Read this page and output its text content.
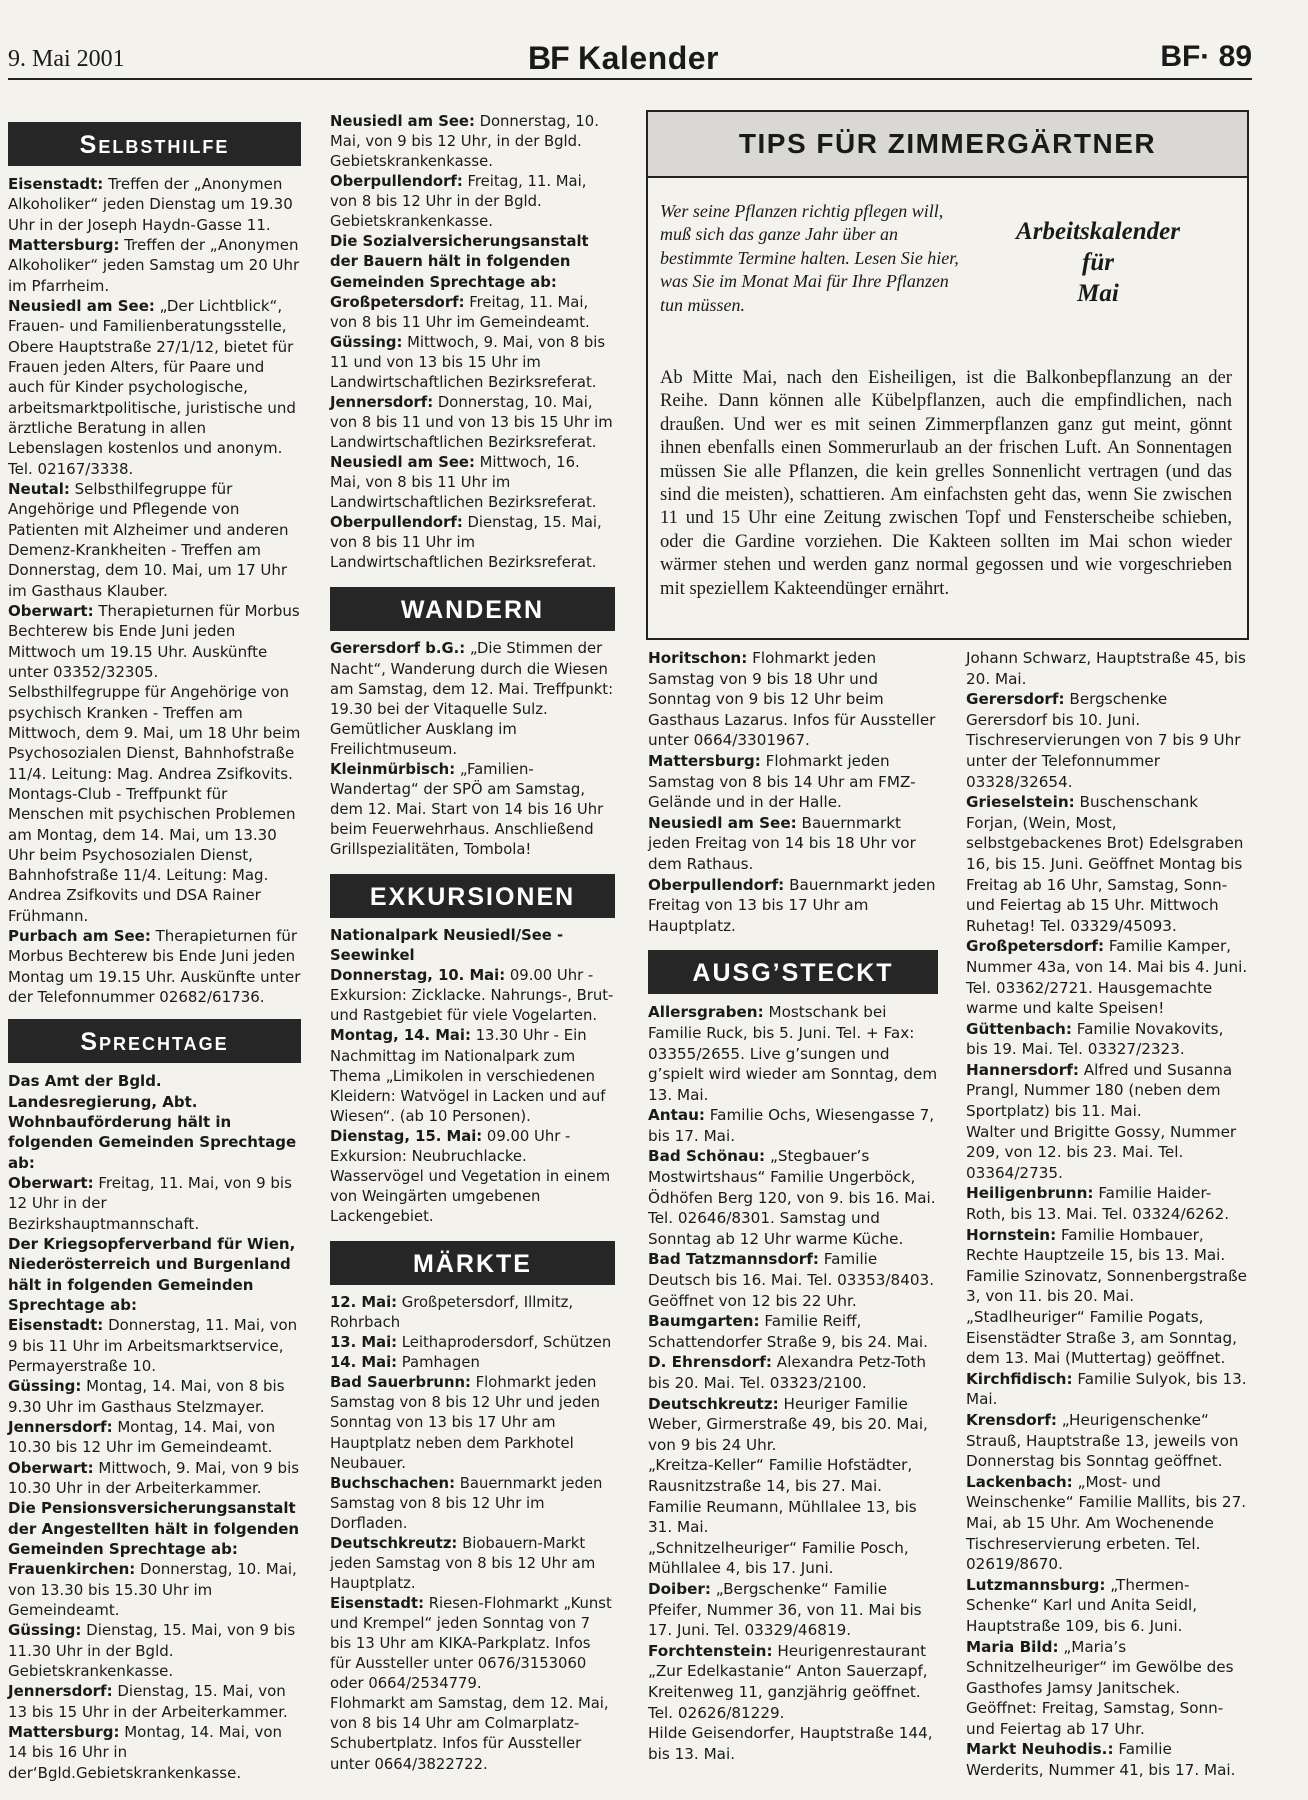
9. Mai 2001	BF Kalender	BF· 89
Selbsthilfe

Eisenstadt: Treffen der „Anonymen Alkoholiker“ jeden Dienstag um 19.30 Uhr in der Joseph Haydn-Gasse 11.

Mattersburg: Treffen der „Anonymen Alkoholiker“ jeden Samstag um 20 Uhr im Pfarrheim.

Neusiedl am See: „Der Lichtblick“, Frauen- und Familienberatungsstelle, Obere Hauptstraße 27/1/12, bietet für Frauen jeden Alters, für Paare und auch für Kinder psychologische, arbeitsmarktpolitische, juristische und ärztliche Beratung in allen Lebenslagen kostenlos und anonym. Tel. 02167/3338.

Neutal: Selbsthilfegruppe für Angehörige und Pflegende von Patienten mit Alzheimer und anderen Demenz-Krankheiten - Treffen am Donnerstag, dem 10. Mai, um 17 Uhr im Gasthaus Klauber.

Oberwart: Therapieturnen für Morbus Bechterew bis Ende Juni jeden Mittwoch um 19.15 Uhr. Auskünfte unter 03352/32305.

Selbsthilfegruppe für Angehörige von psychisch Kranken - Treffen am Mittwoch, dem 9. Mai, um 18 Uhr beim Psychosozialen Dienst, Bahnhofstraße 11/4. Leitung: Mag. Andrea Zsifkovits.

Montags-Club - Treffpunkt für Menschen mit psychischen Problemen am Montag, dem 14. Mai, um 13.30 Uhr beim Psychosozialen Dienst, Bahnhofstraße 11/4. Leitung: Mag. Andrea Zsifkovits und DSA Rainer Frühmann.

Purbach am See: Therapieturnen für Morbus Bechterew bis Ende Juni jeden Montag um 19.15 Uhr. Auskünfte unter der Telefonnummer 02682/61736.

Sprechtage

Das Amt der Bgld. Landesregierung, Abt. Wohnbauförderung hält in folgenden Gemeinden Sprechtage ab:

Oberwart: Freitag, 11. Mai, von 9 bis 12 Uhr in der Bezirkshauptmannschaft.

Der Kriegsopferverband für Wien, Niederösterreich und Burgenland hält in folgenden Gemeinden Sprechtage ab:

Eisenstadt: Donnerstag, 11. Mai, von 9 bis 11 Uhr im Arbeitsmarktservice, Permayerstraße 10.

Güssing: Montag, 14. Mai, von 8 bis 9.30 Uhr im Gasthaus Stelzmayer.

Jennersdorf: Montag, 14. Mai, von 10.30 bis 12 Uhr im Gemeindeamt.

Oberwart: Mittwoch, 9. Mai, von 9 bis 10.30 Uhr in der Arbeiterkammer.

Die Pensionsversicherungsanstalt der Angestellten hält in folgenden Gemeinden Sprechtage ab:

Frauenkirchen: Donnerstag, 10. Mai, von 13.30 bis 15.30 Uhr im Gemeindeamt.

Güssing: Dienstag, 15. Mai, von 9 bis 11.30 Uhr in der Bgld. Gebietskrankenkasse.

Jennersdorf: Dienstag, 15. Mai, von 13 bis 15 Uhr in der Arbeiterkammer.

Mattersburg: Montag, 14. Mai, von 14 bis 16 Uhr in der‘Bgld.Gebietskrankenkasse.

Neusiedl am See: Donnerstag, 10. Mai, von 9 bis 12 Uhr, in der Bgld. Gebietskrankenkasse.

Oberpullendorf: Freitag, 11. Mai, von 8 bis 12 Uhr in der Bgld. Gebietskrankenkasse.

Die Sozialversicherungsanstalt der Bauern hält in folgenden Gemeinden Sprechtage ab:

Großpetersdorf: Freitag, 11. Mai, von 8 bis 11 Uhr im Gemeindeamt.

Güssing: Mittwoch, 9. Mai, von 8 bis 11 und von 13 bis 15 Uhr im Landwirtschaftlichen Bezirksreferat.

Jennersdorf: Donnerstag, 10. Mai, von 8 bis 11 und von 13 bis 15 Uhr im Landwirtschaftlichen Bezirksreferat.

Neusiedl am See: Mittwoch, 16. Mai, von 8 bis 11 Uhr im Landwirtschaftlichen Bezirksreferat.

Oberpullendorf: Dienstag, 15. Mai, von 8 bis 11 Uhr im Landwirtschaftlichen Bezirksreferat.

WANDERN

Gerersdorf b.G.: „Die Stimmen der Nacht“, Wanderung durch die Wiesen am Samstag, dem 12. Mai. Treffpunkt: 19.30 bei der Vitaquelle Sulz. Gemütlicher Ausklang im Freilichtmuseum.

Kleinmürbisch: „Familien-Wandertag“ der SPÖ am Samstag, dem 12. Mai. Start von 14 bis 16 Uhr beim Feuerwehrhaus. Anschließend Grillspezialitäten, Tombola!

EXKURSIONEN

Nationalpark Neusiedl/See - Seewinkel

Donnerstag, 10. Mai: 09.00 Uhr - Exkursion: Zicklacke. Nahrungs-, Brut- und Rastgebiet für viele Vogelarten.

Montag, 14. Mai: 13.30 Uhr - Ein Nachmittag im Nationalpark zum Thema „Limikolen in verschiedenen Kleidern: Watvögel in Lacken und auf Wiesen“. (ab 10 Personen).

Dienstag, 15. Mai: 09.00 Uhr - Exkursion: Neubruchlacke. Wasservögel und Vegetation in einem von Weingärten umgebenen Lackengebiet.

MÄRKTE

12. Mai: Großpetersdorf, Illmitz, Rohrbach

13. Mai: Leithaprodersdorf, Schützen

14. Mai: Pamhagen

Bad Sauerbrunn: Flohmarkt jeden Samstag von 8 bis 12 Uhr und jeden Sonntag von 13 bis 17 Uhr am Hauptplatz neben dem Parkhotel Neubauer.

Buchschachen: Bauernmarkt jeden Samstag von 8 bis 12 Uhr im Dorfladen.

Deutschkreutz: Biobauern-Markt jeden Samstag von 8 bis 12 Uhr am Hauptplatz.

Eisenstadt: Riesen-Flohmarkt „Kunst und Krempel“ jeden Sonntag von 7 bis 13 Uhr am KIKA-Parkplatz. Infos für Aussteller unter 0676/3153060 oder 0664/2534779.

Flohmarkt am Samstag, dem 12. Mai, von 8 bis 14 Uhr am Colmarplatz-Schubertplatz. Infos für Aussteller unter 0664/3822722.

TIPS FÜR ZIMMERGÄRTNER
Wer seine Pflanzen richtig pflegen will, muß sich das ganze Jahr über an bestimmte Termine halten. Lesen Sie hier, was Sie im Monat Mai für Ihre Pflanzen tun müssen.
Arbeitskalender
für
Mai
Ab Mitte Mai, nach den Eisheiligen, ist die Balkonbepflanzung an der Reihe. Dann können alle Kübelpflanzen, auch die empfindlichen, nach draußen. Und wer es mit seinen Zimmerpflanzen ganz gut meint, gönnt ihnen ebenfalls einen Sommerurlaub an der frischen Luft. An Sonnentagen müssen Sie alle Pflanzen, die kein grelles Sonnenlicht vertragen (und das sind die meisten), schattieren. Am einfachsten geht das, wenn Sie zwischen 11 und 15 Uhr eine Zeitung zwischen Topf und Fensterscheibe schieben, oder die Gardine vorziehen. Die Kakteen sollten im Mai schon wieder wärmer stehen und werden ganz normal gegossen und wie vorgeschrieben mit speziellem Kakteendünger ernährt.

Horitschon: Flohmarkt jeden Samstag von 9 bis 18 Uhr und Sonntag von 9 bis 12 Uhr beim Gasthaus Lazarus. Infos für Aussteller unter 0664/3301967.

Mattersburg: Flohmarkt jeden Samstag von 8 bis 14 Uhr am FMZ-Gelände und in der Halle.

Neusiedl am See: Bauernmarkt jeden Freitag von 14 bis 18 Uhr vor dem Rathaus.

Oberpullendorf: Bauernmarkt jeden Freitag von 13 bis 17 Uhr am Hauptplatz.

AUSG’STECKT

Allersgraben: Mostschank bei Familie Ruck, bis 5. Juni. Tel. + Fax: 03355/2655. Live g’sungen und g’spielt wird wieder am Sonntag, dem 13. Mai.

Antau: Familie Ochs, Wiesengasse 7, bis 17. Mai.

Bad Schönau: „Stegbauer’s Mostwirtshaus“ Familie Ungerböck, Ödhöfen Berg 120, von 9. bis 16. Mai. Tel. 02646/8301. Samstag und Sonntag ab 12 Uhr warme Küche.

Bad Tatzmannsdorf: Familie Deutsch bis 16. Mai. Tel. 03353/8403. Geöffnet von 12 bis 22 Uhr.

Baumgarten: Familie Reiff, Schattendorfer Straße 9, bis 24. Mai.

D. Ehrensdorf: Alexandra Petz-Toth bis 20. Mai. Tel. 03323/2100.

Deutschkreutz: Heuriger Familie Weber, Girmerstraße 49, bis 20. Mai, von 9 bis 24 Uhr.

„Kreitza-Keller“ Familie Hofstädter, Rausnitzstraße 14, bis 27. Mai.

Familie Reumann, Mühllalee 13, bis 31. Mai.

„Schnitzelheuriger“ Familie Posch, Mühllalee 4, bis 17. Juni.

Doiber: „Bergschenke“ Familie Pfeifer, Nummer 36, von 11. Mai bis 17. Juni. Tel. 03329/46819.

Forchtenstein: Heurigenrestaurant „Zur Edelkastanie“ Anton Sauerzapf, Kreitenweg 11, ganzjährig geöffnet. Tel. 02626/81229.

Hilde Geisendorfer, Hauptstraße 144, bis 13. Mai.

Johann Schwarz, Hauptstraße 45, bis 20. Mai.

Gerersdorf: Bergschenke Gerersdorf bis 10. Juni. Tischreservierungen von 7 bis 9 Uhr unter der Telefonnummer 03328/32654.

Grieselstein: Buschenschank Forjan, (Wein, Most, selbstgebackenes Brot) Edelsgraben 16, bis 15. Juni. Geöffnet Montag bis Freitag ab 16 Uhr, Samstag, Sonn- und Feiertag ab 15 Uhr. Mittwoch Ruhetag! Tel. 03329/45093.

Großpetersdorf: Familie Kamper, Nummer 43a, von 14. Mai bis 4. Juni. Tel. 03362/2721. Hausgemachte warme und kalte Speisen!

Güttenbach: Familie Novakovits, bis 19. Mai. Tel. 03327/2323.

Hannersdorf: Alfred und Susanna Prangl, Nummer 180 (neben dem Sportplatz) bis 11. Mai.

Walter und Brigitte Gossy, Nummer 209, von 12. bis 23. Mai. Tel. 03364/2735.

Heiligenbrunn: Familie Haider-Roth, bis 13. Mai. Tel. 03324/6262.

Hornstein: Familie Hombauer, Rechte Hauptzeile 15, bis 13. Mai.

Familie Szinovatz, Sonnenbergstraße 3, von 11. bis 20. Mai.

„Stadlheuriger“ Familie Pogats, Eisenstädter Straße 3, am Sonntag, dem 13. Mai (Muttertag) geöffnet.

Kirchfidisch: Familie Sulyok, bis 13. Mai.

Krensdorf: „Heurigenschenke“ Strauß, Hauptstraße 13, jeweils von Donnerstag bis Sonntag geöffnet.

Lackenbach: „Most- und Weinschenke“ Familie Mallits, bis 27. Mai, ab 15 Uhr. Am Wochenende Tischreservierung erbeten. Tel. 02619/8670.

Lutzmannsburg: „Thermen-Schenke“ Karl und Anita Seidl, Hauptstraße 109, bis 6. Juni.

Maria Bild: „Maria’s Schnitzelheuriger“ im Gewölbe des Gasthofes Jamsy Janitschek. Geöffnet: Freitag, Samstag, Sonn- und Feiertag ab 17 Uhr.

Markt Neuhodis.: Familie Werderits, Nummer 41, bis 17. Mai.
